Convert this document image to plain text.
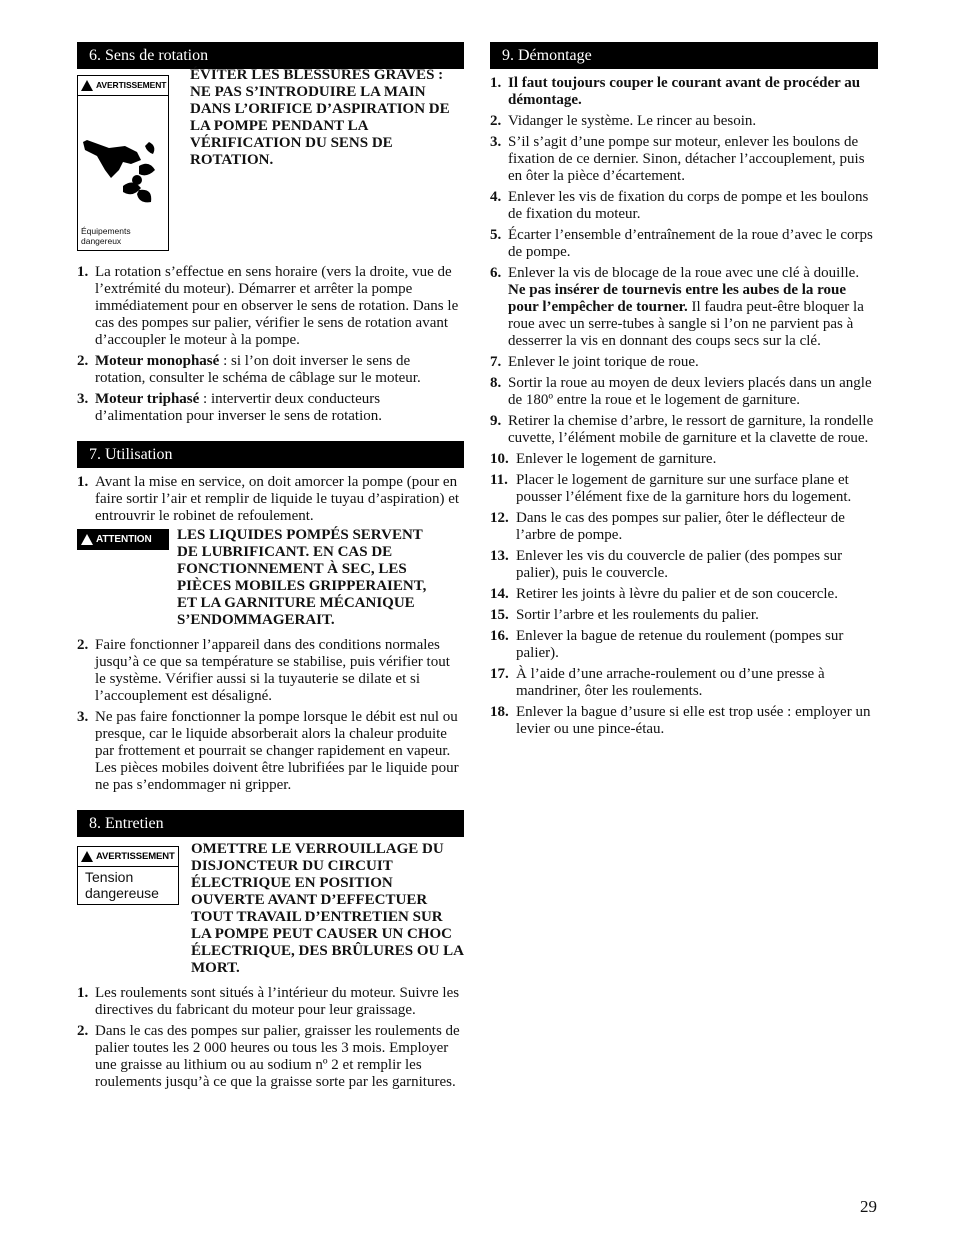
6. Sens de rotation
AVERTISSEMENT
Équipements dangereux
ÉVITER LES BLESSURES GRAVES : NE PAS S’INTRODUIRE LA MAIN DANS L’ORIFICE D’ASPIRATION DE LA POMPE PENDANT LA VÉRIFICATION DU SENS DE ROTATION.
1. La rotation s’effectue en sens horaire (vers la droite, vue de l’extrémité du moteur). Démarrer et arrêter la pompe immédiatement pour en observer le sens de rotation. Dans le cas des pompes sur palier, vérifier le sens de rotation avant d’accoupler le moteur à la pompe.
2. Moteur monophasé : si l’on doit inverser le sens de rotation, consulter le schéma de câblage sur le moteur.
3. Moteur triphasé : intervertir deux conducteurs d’alimentation pour inverser le sens de rotation.
7. Utilisation
1. Avant la mise en service, on doit amorcer la pompe (pour en faire sortir l’air et remplir de liquide le tuyau d’aspiration) et entrouvrir le robinet de refoulement.
ATTENTION LES LIQUIDES POMPÉS SERVENT DE LUBRIFICANT. EN CAS DE FONCTIONNEMENT À SEC, LES PIÈCES MOBILES GRIPPERAIENT, ET LA GARNITURE MÉCANIQUE S’ENDOMMAGERAIT.
2. Faire fonctionner l’appareil dans des conditions normales jusqu’à ce que sa température se stabilise, puis vérifier tout le système. Vérifier aussi si la tuyauterie se dilate et si l’accouplement est désaligné.
3. Ne pas faire fonctionner la pompe lorsque le débit est nul ou presque, car le liquide absorberait alors la chaleur produite par frottement et pourrait se changer rapidement en vapeur. Les pièces mobiles doivent être lubrifiées par le liquide pour ne pas s’endommager ni gripper.
8. Entretien
AVERTISSEMENT
Tension dangereuse
OMETTRE LE VERROUILLAGE DU DISJONCTEUR DU CIRCUIT ÉLECTRIQUE EN POSITION OUVERTE AVANT D’EFFECTUER TOUT TRAVAIL D’ENTRETIEN SUR LA POMPE PEUT CAUSER UN CHOC ÉLECTRIQUE, DES BRÛLURES OU LA MORT.
1. Les roulements sont situés à l’intérieur du moteur. Suivre les directives du fabricant du moteur pour leur graissage.
2. Dans le cas des pompes sur palier, graisser les roulements de palier toutes les 2 000 heures ou tous les 3 mois. Employer une graisse au lithium ou au sodium nº 2 et remplir les roulements jusqu’à ce que la graisse sorte par les garnitures.
9. Démontage
1. Il faut toujours couper le courant avant de procéder au démontage.
2. Vidanger le système. Le rincer au besoin.
3. S’il s’agit d’une pompe sur moteur, enlever les boulons de fixation de ce dernier. Sinon, détacher l’accouplement, puis en ôter la pièce d’écartement.
4. Enlever les vis de fixation du corps de pompe et les boulons de fixation du moteur.
5. Écarter l’ensemble d’entraînement de la roue d’avec le corps de pompe.
6. Enlever la vis de blocage de la roue avec une clé à douille. Ne pas insérer de tournevis entre les aubes de la roue pour l’empêcher de tourner. Il faudra peut-être bloquer la roue avec un serre-tubes à sangle si l’on ne parvient pas à desserrer la vis en donnant des coups secs sur la clé.
7. Enlever le joint torique de roue.
8. Sortir la roue au moyen de deux leviers placés dans un angle de 180º entre la roue et le logement de garniture.
9. Retirer la chemise d’arbre, le ressort de garniture, la rondelle cuvette, l’élément mobile de garniture et la clavette de roue.
10. Enlever le logement de garniture.
11. Placer le logement de garniture sur une surface plane et pousser l’élément fixe de la garniture hors du logement.
12. Dans le cas des pompes sur palier, ôter le déflecteur de l’arbre de pompe.
13. Enlever les vis du couvercle de palier (des pompes sur palier), puis le couvercle.
14. Retirer les joints à lèvre du palier et de son coucercle.
15. Sortir l’arbre et les roulements du palier.
16. Enlever la bague de retenue du roulement (pompes sur palier).
17. À l’aide d’une arrache-roulement ou d’une presse à mandriner, ôter les roulements.
18. Enlever la bague d’usure si elle est trop usée : employer un levier ou une pince-étau.
29
